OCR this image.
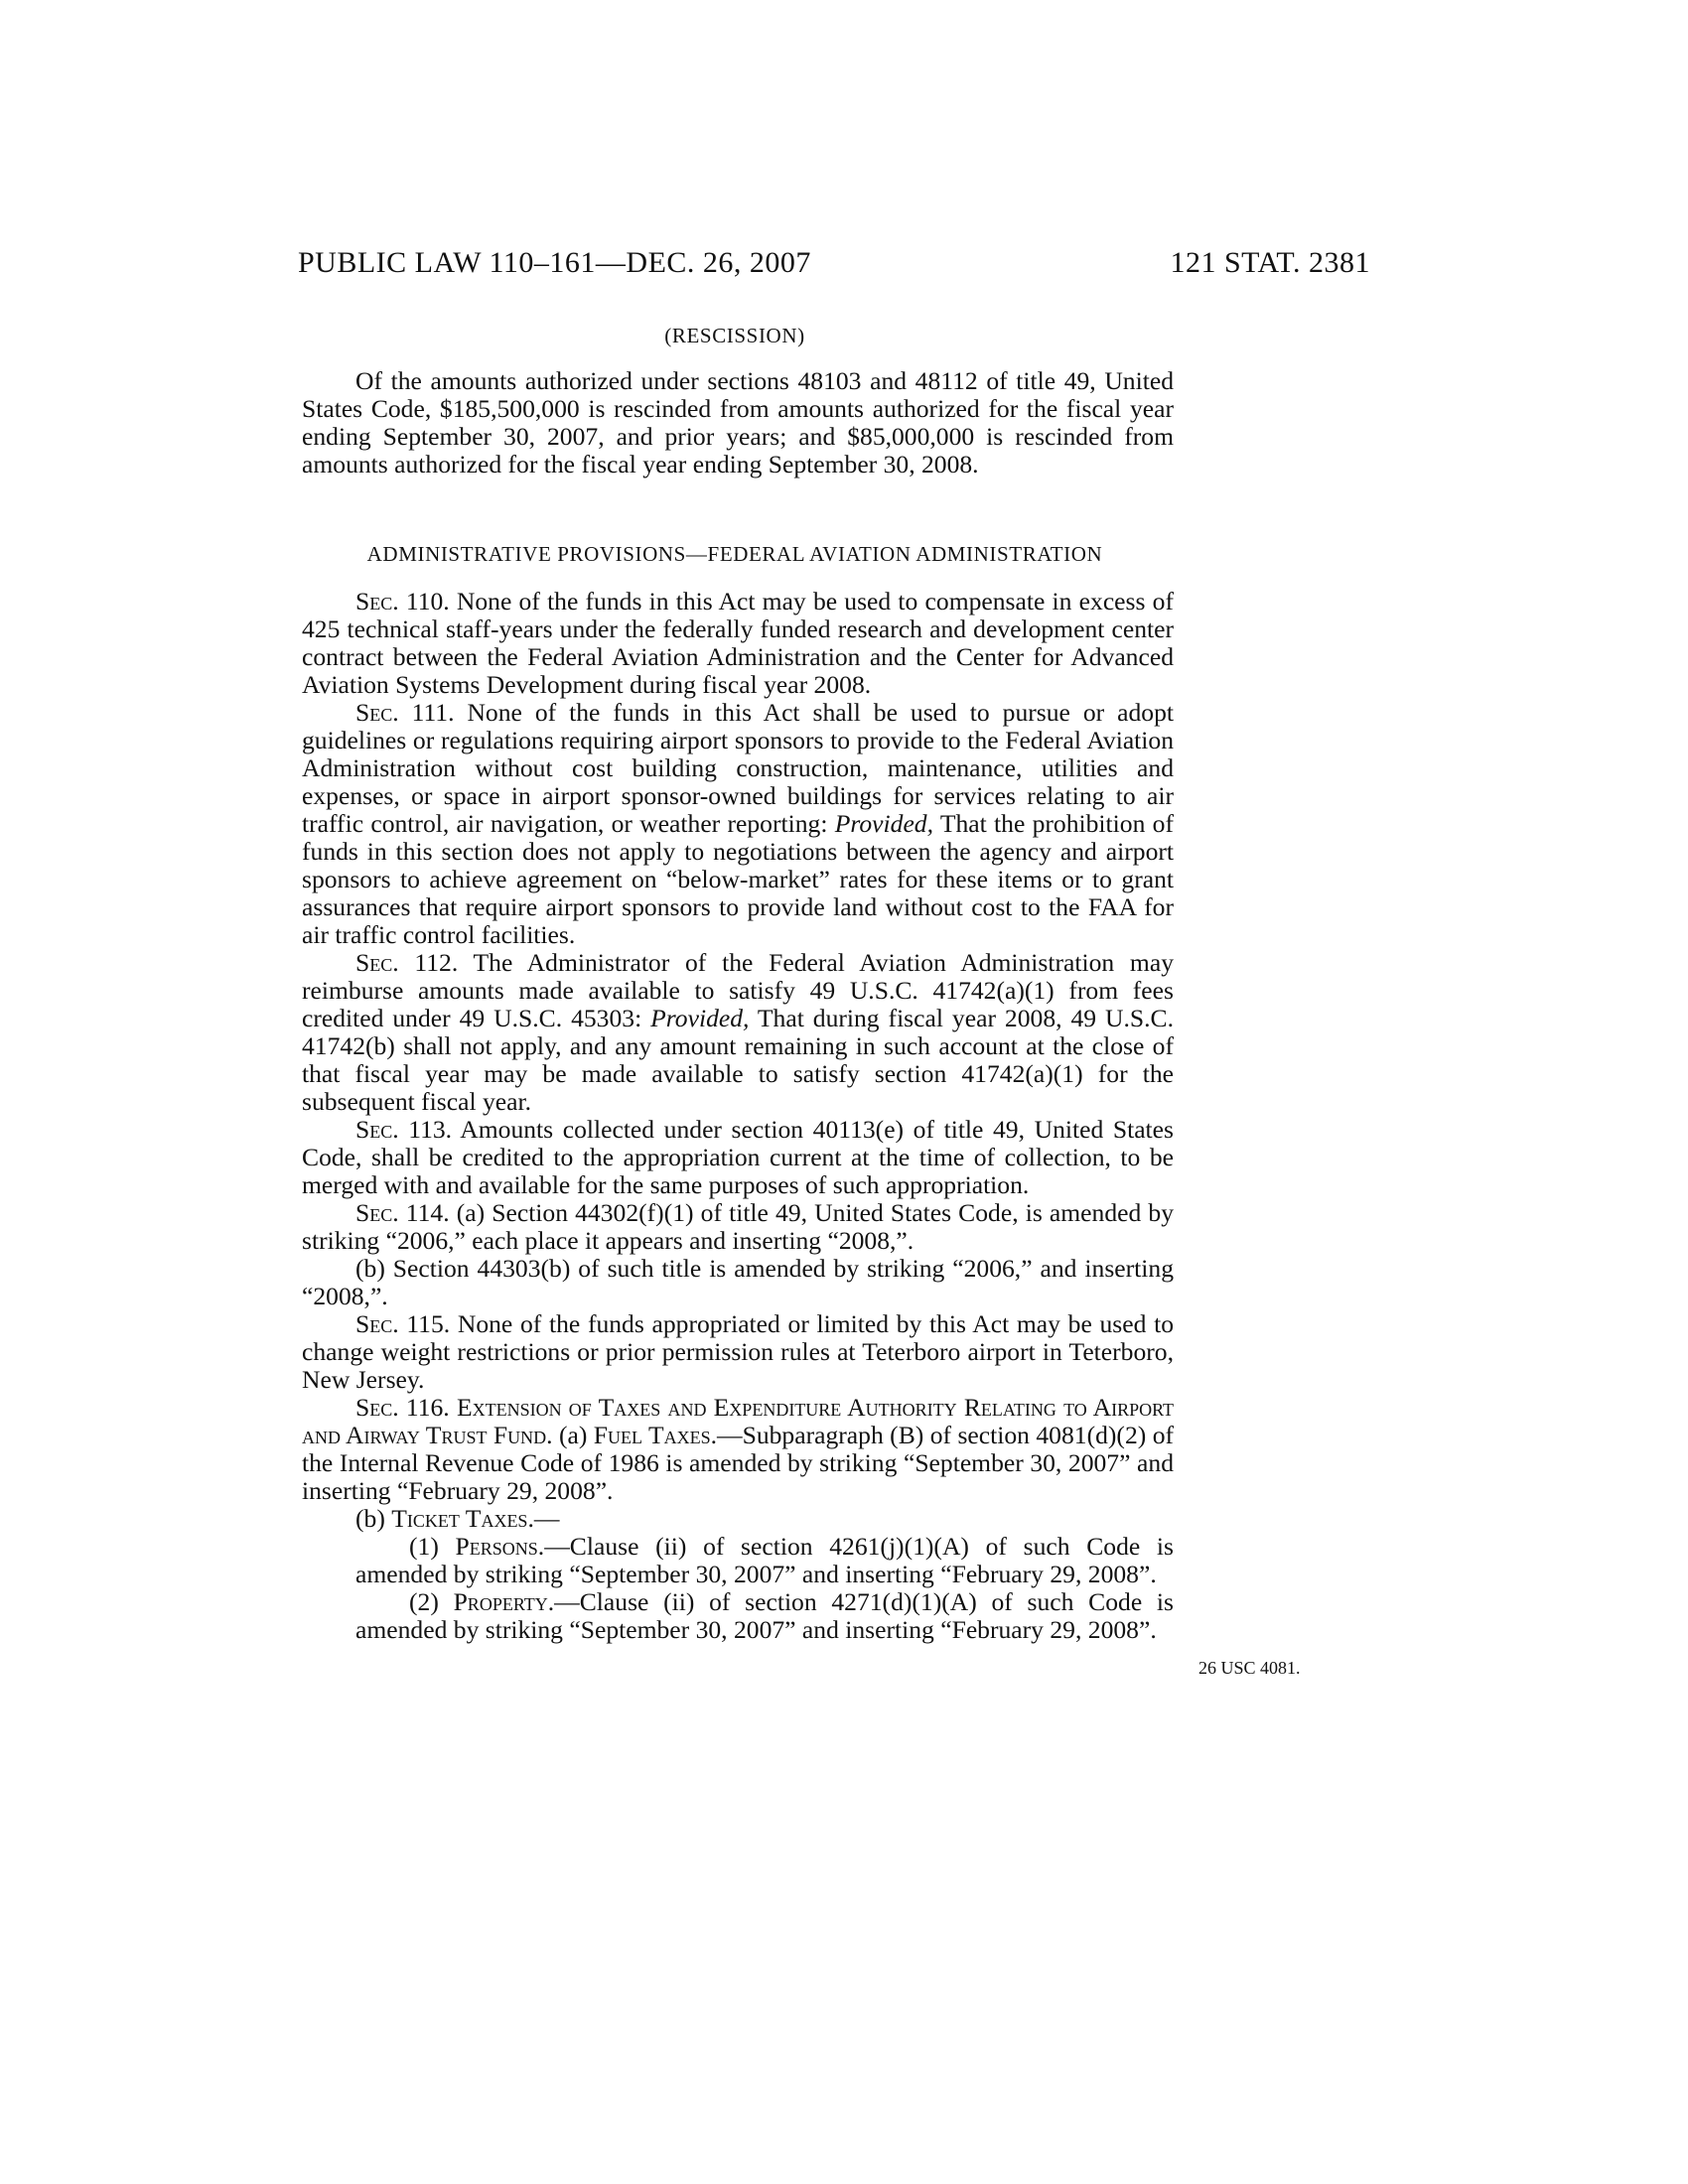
PUBLIC LAW 110–161—DEC. 26, 2007	121 STAT. 2381
(RESCISSION)

Of the amounts authorized under sections 48103 and 48112 of title 49, United States Code, $185,500,000 is rescinded from amounts authorized for the fiscal year ending September 30, 2007, and prior years; and $85,000,000 is rescinded from amounts authorized for the fiscal year ending September 30, 2008.

ADMINISTRATIVE PROVISIONS—FEDERAL AVIATION ADMINISTRATION

Sec. 110. None of the funds in this Act may be used to compensate in excess of 425 technical staff-years under the federally funded research and development center contract between the Federal Aviation Administration and the Center for Advanced Aviation Systems Development during fiscal year 2008.

Sec. 111. None of the funds in this Act shall be used to pursue or adopt guidelines or regulations requiring airport sponsors to provide to the Federal Aviation Administration without cost building construction, maintenance, utilities and expenses, or space in airport sponsor-owned buildings for services relating to air traffic control, air navigation, or weather reporting: Provided, That the prohibition of funds in this section does not apply to negotiations between the agency and airport sponsors to achieve agreement on “below-market” rates for these items or to grant assurances that require airport sponsors to provide land without cost to the FAA for air traffic control facilities.

Sec. 112. The Administrator of the Federal Aviation Administration may reimburse amounts made available to satisfy 49 U.S.C. 41742(a)(1) from fees credited under 49 U.S.C. 45303: Provided, That during fiscal year 2008, 49 U.S.C. 41742(b) shall not apply, and any amount remaining in such account at the close of that fiscal year may be made available to satisfy section 41742(a)(1) for the subsequent fiscal year.

Sec. 113. Amounts collected under section 40113(e) of title 49, United States Code, shall be credited to the appropriation current at the time of collection, to be merged with and available for the same purposes of such appropriation.

Sec. 114. (a) Section 44302(f)(1) of title 49, United States Code, is amended by striking “2006,” each place it appears and inserting “2008,”.

(b) Section 44303(b) of such title is amended by striking “2006,” and inserting “2008,”.

Sec. 115. None of the funds appropriated or limited by this Act may be used to change weight restrictions or prior permission rules at Teterboro airport in Teterboro, New Jersey.

Sec. 116. Extension of Taxes and Expenditure Authority Relating to Airport and Airway Trust Fund. (a) Fuel Taxes.—Subparagraph (B) of section 4081(d)(2) of the Internal Revenue Code of 1986 is amended by striking “September 30, 2007” and inserting “February 29, 2008”.

(b) Ticket Taxes.—

(1) Persons.—Clause (ii) of section 4261(j)(1)(A) of such Code is amended by striking “September 30, 2007” and inserting “February 29, 2008”.

(2) Property.—Clause (ii) of section 4271(d)(1)(A) of such Code is amended by striking “September 30, 2007” and inserting “February 29, 2008”.

26 USC 4081.
